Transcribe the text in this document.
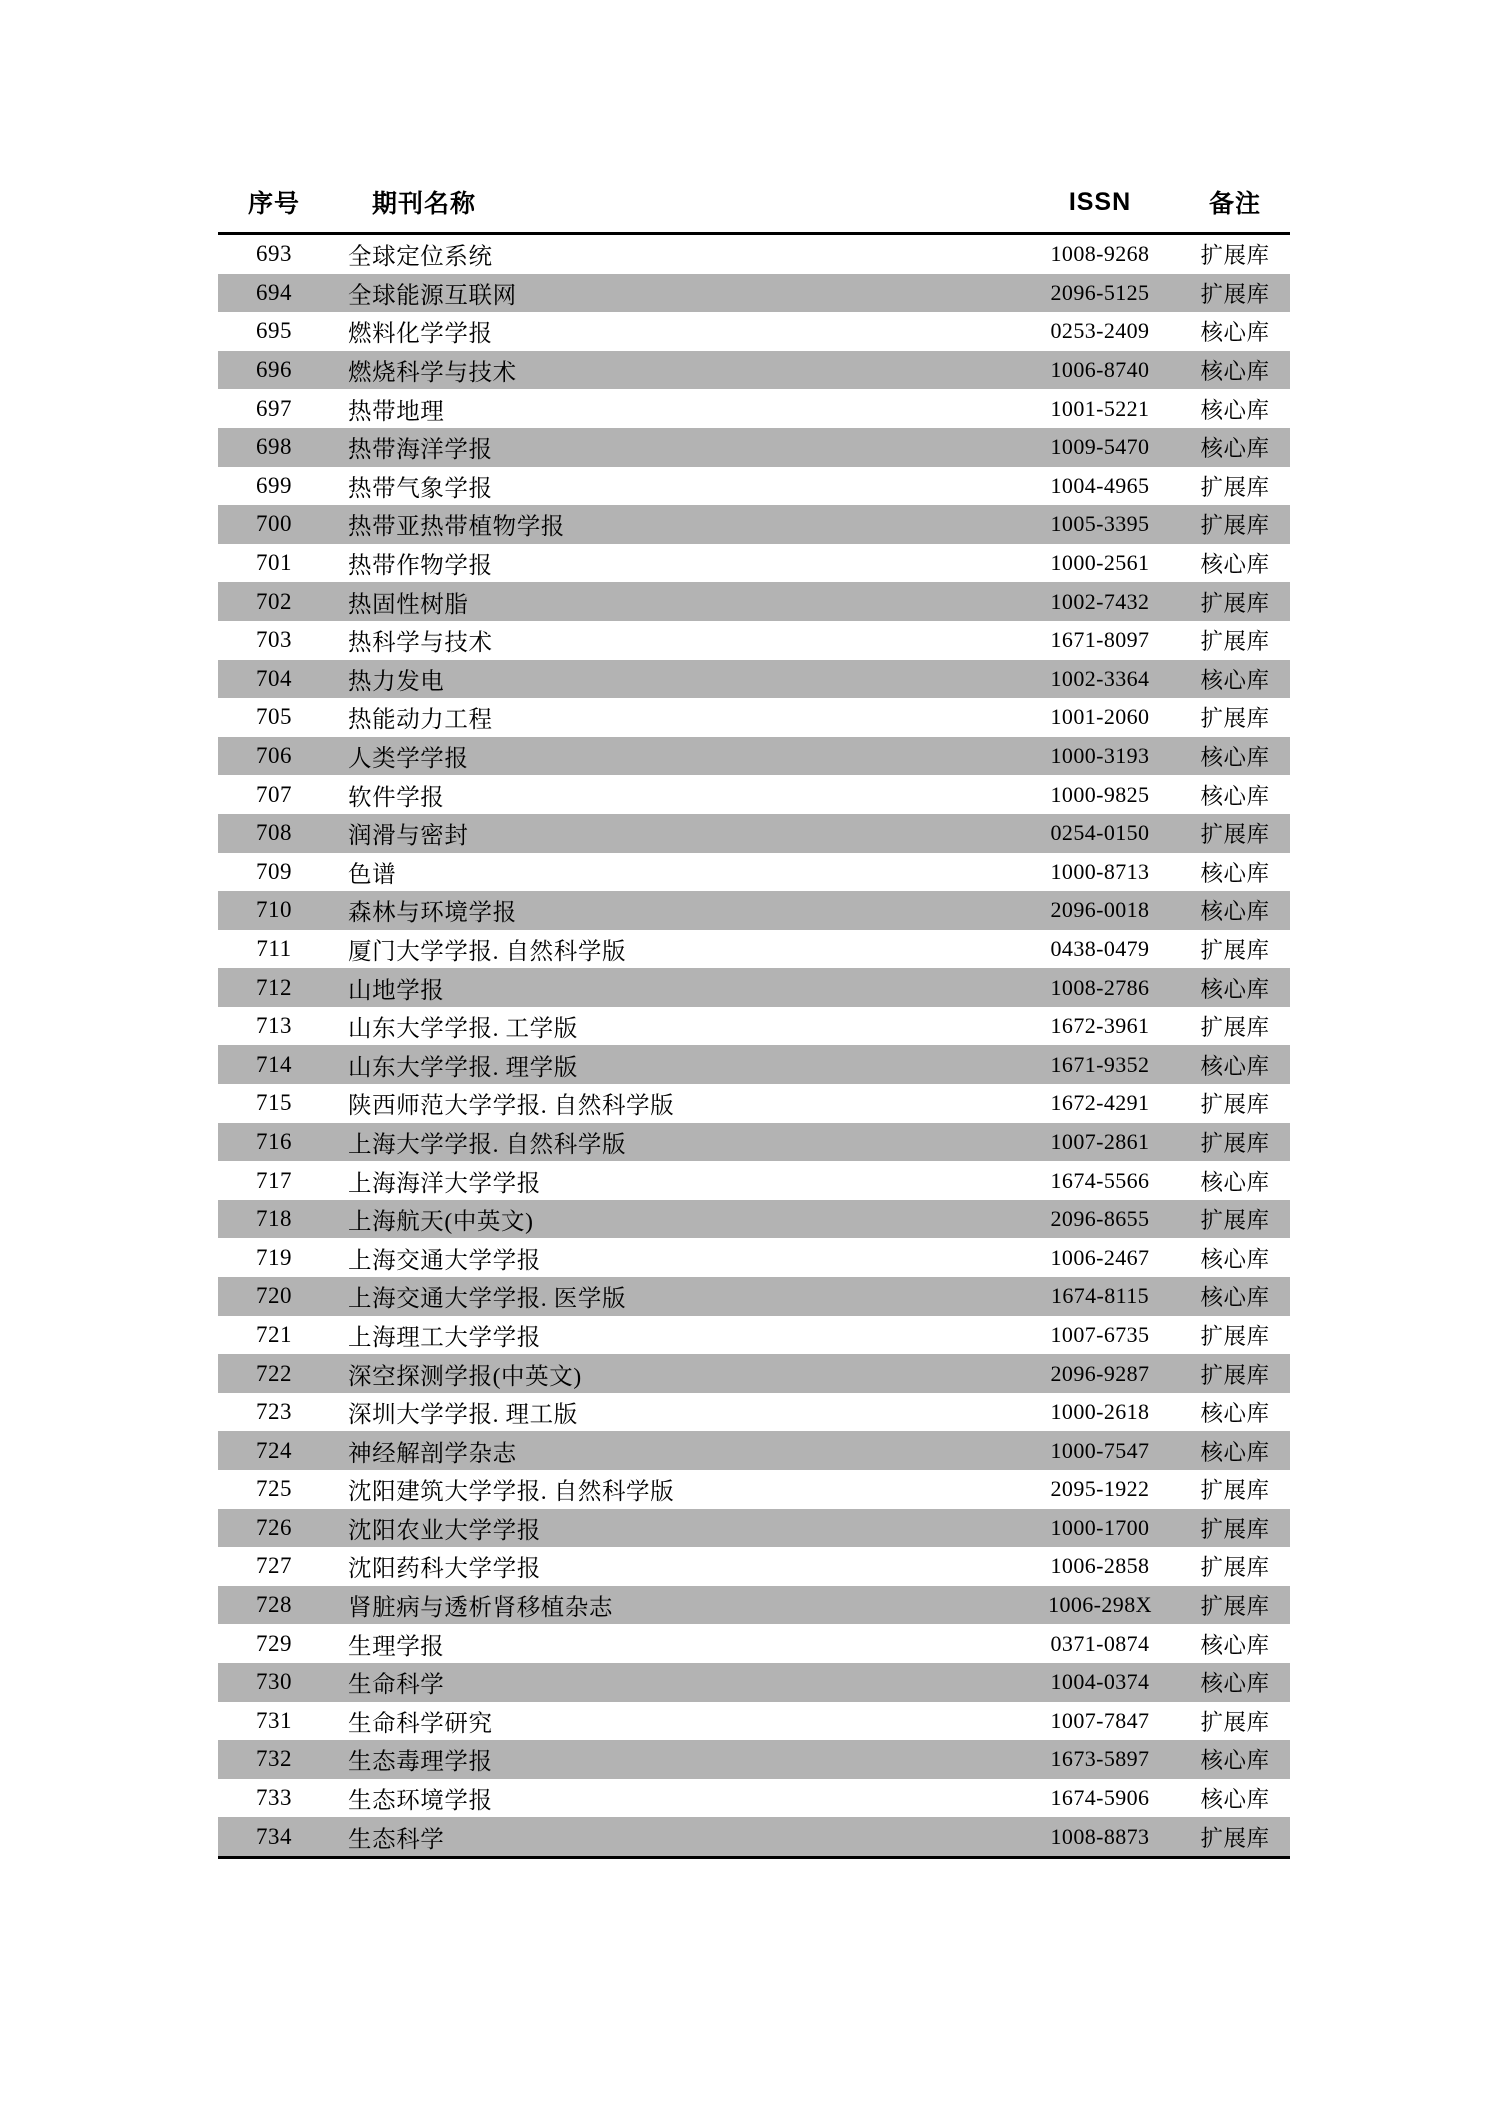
序号	期刊名称	ISSN	备注
693	全球定位系统	1008-9268	扩展库
694	全球能源互联网	2096-5125	扩展库
695	燃料化学学报	0253-2409	核心库
696	燃烧科学与技术	1006-8740	核心库
697	热带地理	1001-5221	核心库
698	热带海洋学报	1009-5470	核心库
699	热带气象学报	1004-4965	扩展库
700	热带亚热带植物学报	1005-3395	扩展库
701	热带作物学报	1000-2561	核心库
702	热固性树脂	1002-7432	扩展库
703	热科学与技术	1671-8097	扩展库
704	热力发电	1002-3364	核心库
705	热能动力工程	1001-2060	扩展库
706	人类学学报	1000-3193	核心库
707	软件学报	1000-9825	核心库
708	润滑与密封	0254-0150	扩展库
709	色谱	1000-8713	核心库
710	森林与环境学报	2096-0018	核心库
711	厦门大学学报. 自然科学版	0438-0479	扩展库
712	山地学报	1008-2786	核心库
713	山东大学学报. 工学版	1672-3961	扩展库
714	山东大学学报. 理学版	1671-9352	核心库
715	陕西师范大学学报. 自然科学版	1672-4291	扩展库
716	上海大学学报. 自然科学版	1007-2861	扩展库
717	上海海洋大学学报	1674-5566	核心库
718	上海航天(中英文)	2096-8655	扩展库
719	上海交通大学学报	1006-2467	核心库
720	上海交通大学学报. 医学版	1674-8115	核心库
721	上海理工大学学报	1007-6735	扩展库
722	深空探测学报(中英文)	2096-9287	扩展库
723	深圳大学学报. 理工版	1000-2618	核心库
724	神经解剖学杂志	1000-7547	核心库
725	沈阳建筑大学学报. 自然科学版	2095-1922	扩展库
726	沈阳农业大学学报	1000-1700	扩展库
727	沈阳药科大学学报	1006-2858	扩展库
728	肾脏病与透析肾移植杂志	1006-298X	扩展库
729	生理学报	0371-0874	核心库
730	生命科学	1004-0374	核心库
731	生命科学研究	1007-7847	扩展库
732	生态毒理学报	1673-5897	核心库
733	生态环境学报	1674-5906	核心库
734	生态科学	1008-8873	扩展库
